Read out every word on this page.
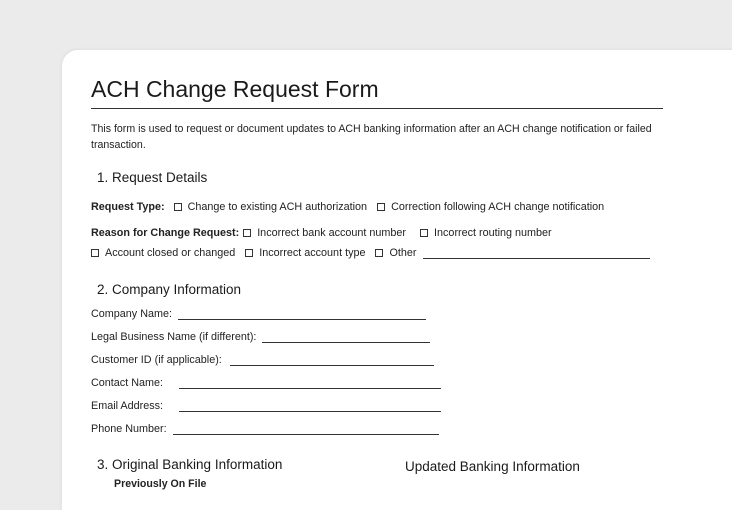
ACH Change Request Form
This form is used to request or document updates to ACH banking information after an ACH change notification or failed transaction.
1. Request Details
Request Type: Change to existing ACH authorization Correction following ACH change notification
Reason for Change Request: Incorrect bank account number	Incorrect routing number
Account closed or changed Incorrect account type Other
2. Company Information
Company Name:
Legal Business Name (if different):
Customer ID (if applicable):
Contact Name:
Email Address:
Phone Number:
3. Original Banking Information
Previously On File
Updated Banking Information
